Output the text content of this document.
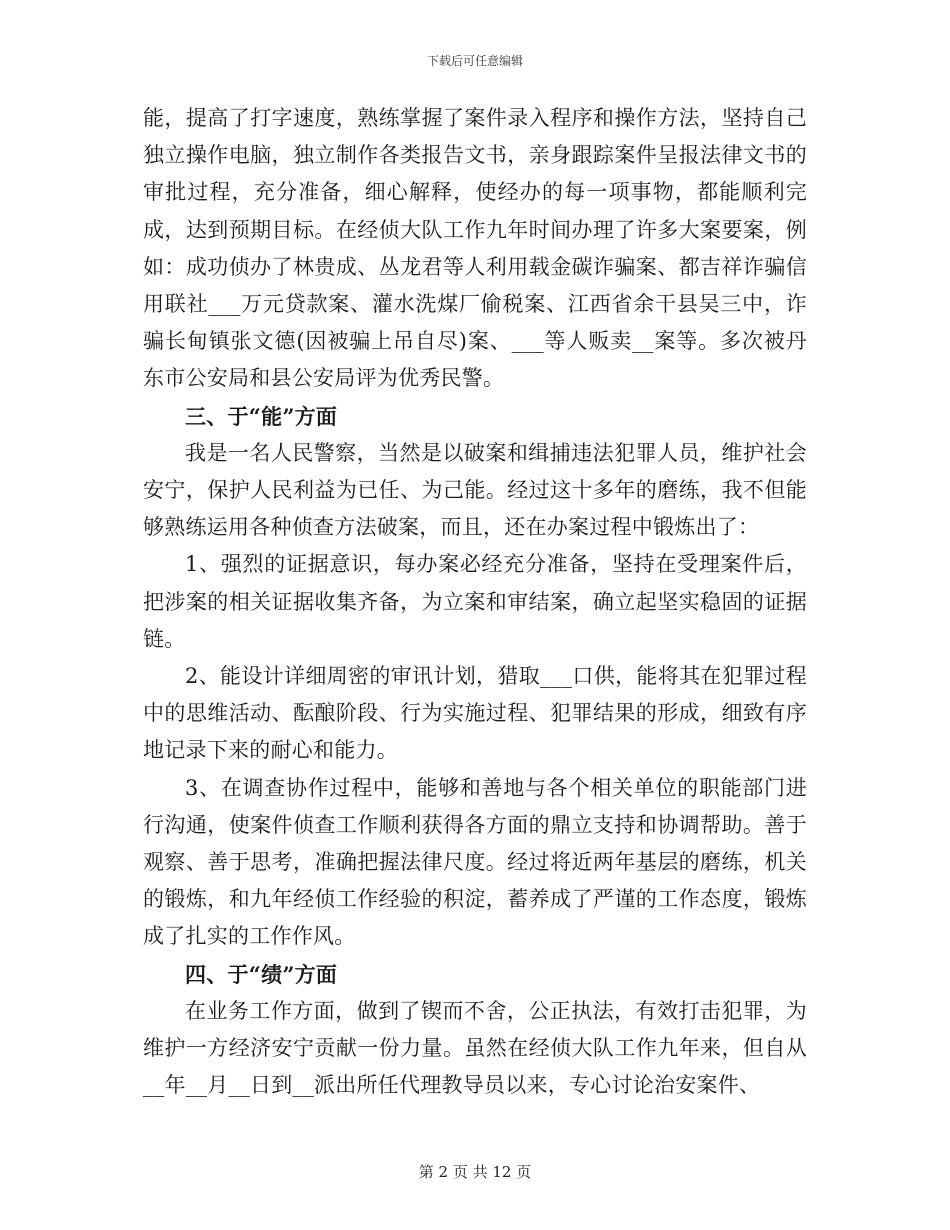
下载后可任意编辑

能，提高了打字速度，熟练掌握了案件录入程序和操作方法，坚持自己独立操作电脑，独立制作各类报告文书，亲身跟踪案件呈报法律文书的审批过程，充分准备，细心解释，使经办的每一项事物，都能顺利完成，达到预期目标。在经侦大队工作九年时间办理了许多大案要案，例如：成功侦办了林贵成、丛龙君等人利用载金碳诈骗案、都吉祥诈骗信用联社___万元贷款案、灌水洗煤厂偷税案、江西省余干县吴三中，诈骗长甸镇张文德(因被骗上吊自尽)案、___等人贩卖__案等。多次被丹东市公安局和县公安局评为优秀民警。

三、于“能”方面

我是一名人民警察，当然是以破案和缉捕违法犯罪人员，维护社会安宁，保护人民利益为已任、为己能。经过这十多年的磨练，我不但能够熟练运用各种侦查方法破案，而且，还在办案过程中锻炼出了：

1、强烈的证据意识，每办案必经充分准备，坚持在受理案件后，把涉案的相关证据收集齐备，为立案和审结案，确立起坚实稳固的证据链。

2、能设计详细周密的审讯计划，猎取___口供，能将其在犯罪过程中的思维活动、酝酿阶段、行为实施过程、犯罪结果的形成，细致有序地记录下来的耐心和能力。

3、在调查协作过程中，能够和善地与各个相关单位的职能部门进行沟通，使案件侦查工作顺利获得各方面的鼎立支持和协调帮助。善于观察、善于思考，准确把握法律尺度。经过将近两年基层的磨练，机关的锻炼，和九年经侦工作经验的积淀，蓄养成了严谨的工作态度，锻炼成了扎实的工作作风。

四、于“绩”方面

在业务工作方面，做到了锲而不舍，公正执法，有效打击犯罪，为维护一方经济安宁贡献一份力量。虽然在经侦大队工作九年来，但自从__年__月__日到__派出所任代理教导员以来，专心讨论治安案件、

第 2 页 共 12 页
